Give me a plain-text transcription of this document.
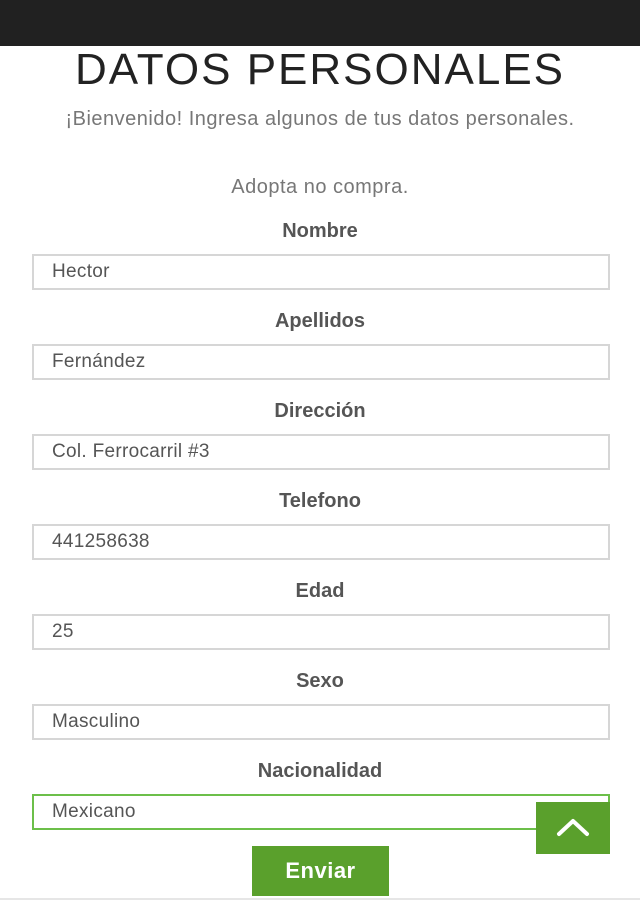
DATOS PERSONALES
¡Bienvenido! Ingresa algunos de tus datos personales.
Adopta no compra.
Nombre
Hector
Apellidos
Fernández
Dirección
Col. Ferrocarril #3
Telefono
441258638
Edad
25
Sexo
Masculino
Nacionalidad
Mexicano
Enviar
